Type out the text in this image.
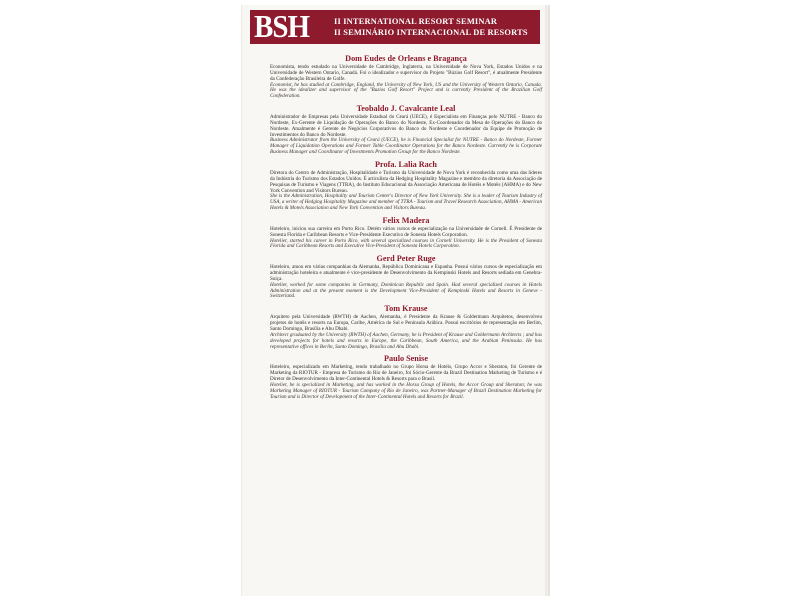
BSH	II INTERNATIONAL RESORT SEMINAR
II SEMINÁRIO INTERNACIONAL DE RESORTS
Dom Eudes de Orleans e Bragança

Economista, tendo estudado na Universidade de Cambridge, Inglaterra, na Universidade de Nova York, Estados Unidos e na Universidade de Western Ontario, Canadá. Foi o idealizador e supervisor do Projeto "Búzios Golf Resort", é atualmente Presidente da Confederação Brasileira de Golfe.

Economist, he has studied at Cambridge, England, the University of New York, US and the University of Western Ontario, Canada. He was the idealizer and supervisor of the "Buzios Golf Resort" Project and is currently President of the Brazilian Golf Confederation.

Teobaldo J. Cavalcante Leal

Administrador de Empresas pela Universidade Estadual do Ceará (UECE), é Especialista em Finanças pelo NUTRE - Banco do Nordeste, Ex-Gerente de Liquidação de Operações do Banco do Nordeste, Ex-Coordenador da Mesa de Operações do Banco do Nordeste. Atualmente é Gerente de Negócios Corporativos do Banco do Nordeste e Coordenador da Equipe de Promoção de Investimentos do Banco do Nordeste.

Business Administrator from the University of Ceará (UECE), he is Financial Specialist for NUTRE - Banco do Nordeste, Former Manager of Liquidation Operations and Former Table Coordinator Operations for the Banco Nordeste. Currently he is Corporate Business Manager and Coordinator of Investments Promotion Group for the Banco Nordeste.

Profa. Lalia Rach

Diretora do Centro de Administração, Hospitalidade e Turismo da Universidade de Nova York é reconhecida como uma das líderes da Indústria do Turismo dos Estados Unidos. É articulista da Hedging Hospitality Magazine e membro da diretoria da Associação de Pesquisas de Turismo e Viagens (TTRA), do Instituto Educacional da Associação Americana de Hotéis e Motéis (AHMA) e do New York Convention and Visitors Bureau.

She is the Administration, Hospitality and Tourism Center's Director of New York University. She is a leader of Tourism Industry of USA, a writer of Hedging Hospitality Magazine and member of TTRA - Tourism and Travel Research Association, AHMA - American Hotels & Motels Association and New York Convention and Visitors Bureau.

Felix Madera

Hoteleiro, iniciou sua carreira em Porto Rico. Detém vários cursos de especialização na Universidade de Cornell. É Presidente de Sonesta Florida e Caribbean Resorts e Vice-Presidente Executivo de Sonesta Hotels Corporation.

Hotelier, started his career in Porto Rico, with several specialized courses in Cornell University. He is the President of Sonesta Florida and Caribbean Resorts and Executive Vice-President of Sonesta Hotels Corporation.

Gerd Peter Ruge

Hoteleiro, atuou em várias companhias da Alemanha, República Dominicana e Espanha. Possui vários cursos de especialização em administração hoteleira e atualmente é vice-presidente de Desenvolvimento da Kempinski Hotels and Resorts sediada em Genebra- Suíça.

Hotelier, worked for some companies in Germany, Dominican Republic and Spain. Had several specialized courses in Hotels Administration and at the present moment is the Development Vice-President of Kempinski Hotels and Resorts in Geneve - Switzerland.

Tom Krause

Arquiteto pela Universidade (RWTH) de Aachen, Alemanha, é Presidente da Krause & Goldermann Arquitetos, desenvolveu projetos de hotéis e resorts na Europa, Caribe, América do Sul e Península Arábica. Possui escritórios de representação em Berlim, Santo Domingo, Brasília e Abu Dhabi.

Architect graduated by the University (RWTH) of Aachen, Germany, he is President of Krause and Goldermann Architects ; and has developed projects for hotels and resorts in Europe, the Caribbean, South America, and the Arabian Peninsula. He has representative offices in Berlin, Santo Domingo, Brasília and Abu Dhabi.

Paulo Senise

Hoteleiro, especializado em Marketing, tendo trabalhado no Grupo Horsa de Hotéis, Grupo Accor e Sheraton, foi Gerente de Marketing da RIOTUR - Empresa de Turismo do Rio de Janeiro, foi Sócio-Gerente da Brazil Destination Marketing de Turismo e é Diretor de Desenvolvimento da Inter-Continental Hotels & Resorts para o Brasil.

Hotelier, he is specialized in Marketing, and has worked in the Horsa Group of Hotels, the Accor Group and Sheraton; he was Marketing Manager of RIOTUR - Tourism Company of Rio de Janeiro, was Partner-Manager of Brazil Destination Marketing for Tourism and is Director of Development of the Inter-Continental Hotels and Resorts for Brazil.
